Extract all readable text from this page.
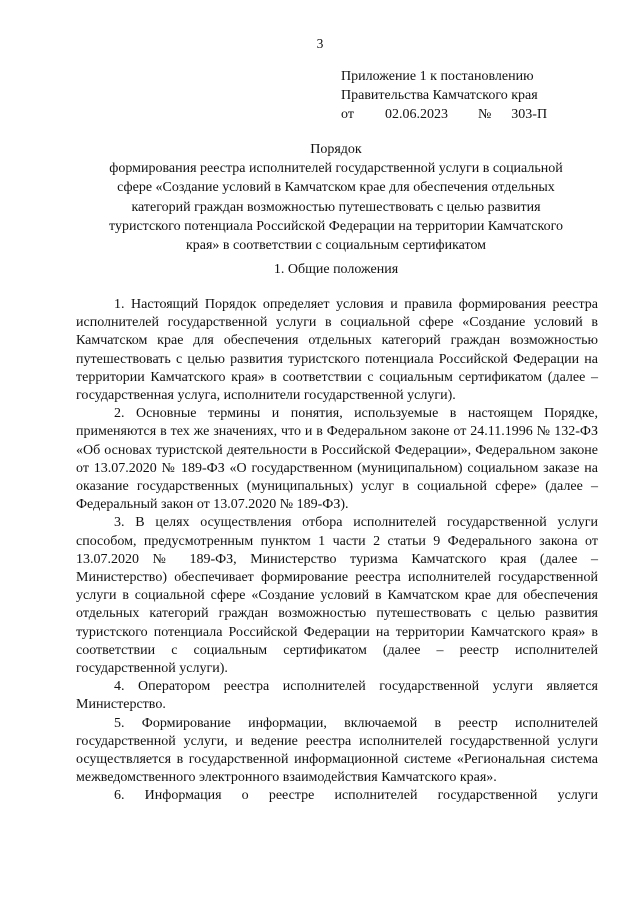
3
Приложение 1 к постановлению
Правительства Камчатского края
от 02.06.2023 № 303-П
Порядок
формирования реестра исполнителей государственной услуги в социальной
сфере «Создание условий в Камчатском крае для обеспечения отдельных
категорий граждан возможностью путешествовать с целью развития
туристского потенциала Российской Федерации на территории Камчатского
края» в соответствии с социальным сертификатом
1. Общие положения

1. Настоящий Порядок определяет условия и правила формирования реестра исполнителей государственной услуги в социальной сфере «Создание условий в Камчатском крае для обеспечения отдельных категорий граждан возможностью путешествовать с целью развития туристского потенциала Российской Федерации на территории Камчатского края» в соответствии с социальным сертификатом (далее – государственная услуга, исполнители государственной услуги).

2. Основные термины и понятия, используемые в настоящем Порядке, применяются в тех же значениях, что и в Федеральном законе от 24.11.1996 № 132-ФЗ «Об основах туристской деятельности в Российской Федерации», Федеральном законе от 13.07.2020 № 189-ФЗ «О государственном (муниципальном) социальном заказе на оказание государственных (муниципальных) услуг в социальной сфере» (далее – Федеральный закон от 13.07.2020 № 189-ФЗ).

3. В целях осуществления отбора исполнителей государственной услуги способом, предусмотренным пунктом 1 части 2 статьи 9 Федерального закона от 13.07.2020 № 189-ФЗ, Министерство туризма Камчатского края (далее – Министерство) обеспечивает формирование реестра исполнителей государственной услуги в социальной сфере «Создание условий в Камчатском крае для обеспечения отдельных категорий граждан возможностью путешествовать с целью развития туристского потенциала Российской Федерации на территории Камчатского края» в соответствии с социальным сертификатом (далее – реестр исполнителей государственной услуги).

4. Оператором реестра исполнителей государственной услуги является Министерство.

5. Формирование информации, включаемой в реестр исполнителей государственной услуги, и ведение реестра исполнителей государственной услуги осуществляется в государственной информационной системе «Региональная система межведомственного электронного взаимодействия Камчатского края».

6. Информация о реестре исполнителей государственной услуги
